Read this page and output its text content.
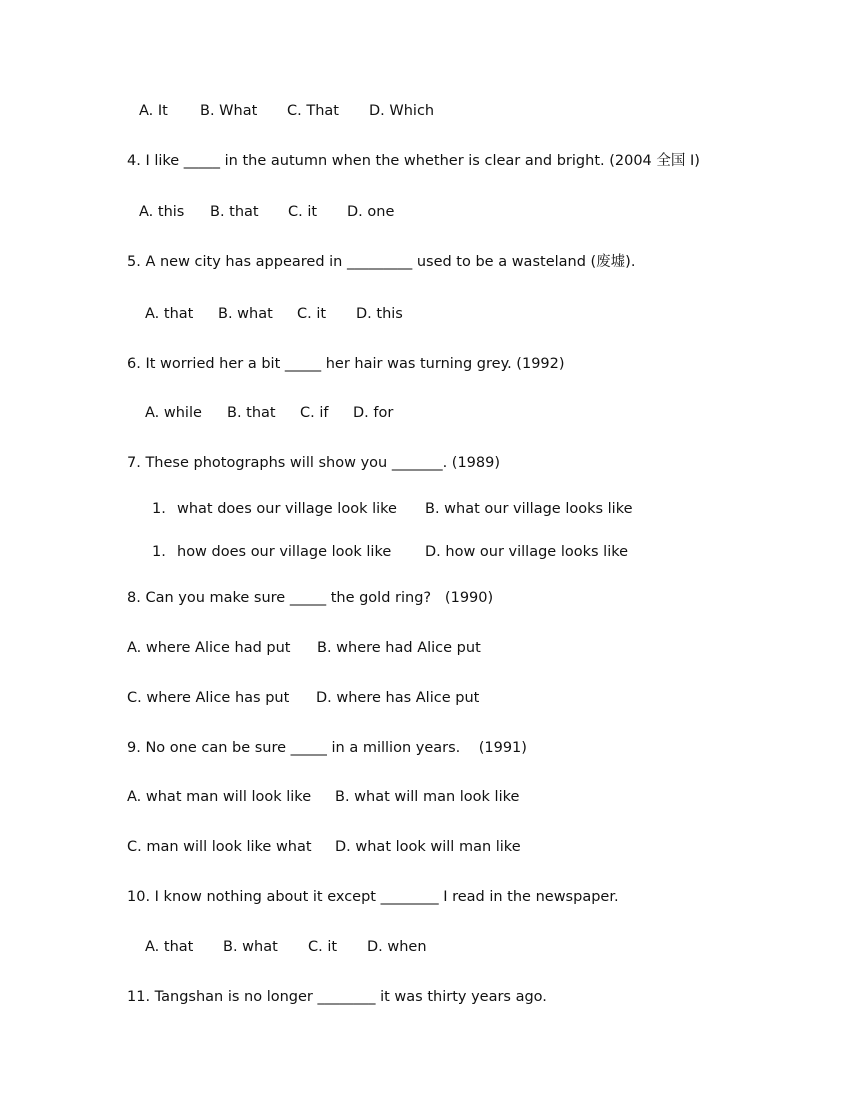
A. It B. What C. That D. Which
4. I like _____ in the autumn when the whether is clear and bright. (2004 全国 I)
A. this B. that C. it D. one
5. A new city has appeared in _________ used to be a wasteland (废墟).
A. that B. what C. it D. this
6. It worried her a bit _____ her hair was turning grey. (1992)
A. while B. that C. if D. for
7. These photographs will show you _______. (1989)
1. what does our village look like B. what our village looks like
1. how does our village look like D. how our village looks like
8. Can you make sure _____ the gold ring?   (1990)
A. where Alice had put B. where had Alice put
C. where Alice has put D. where has Alice put
9. No one can be sure _____ in a million years.    (1991)
A. what man will look like B. what will man look like
C. man will look like what D. what look will man like
10. I know nothing about it except ________ I read in the newspaper.
A. that B. what C. it D. when
11. Tangshan is no longer ________ it was thirty years ago.
